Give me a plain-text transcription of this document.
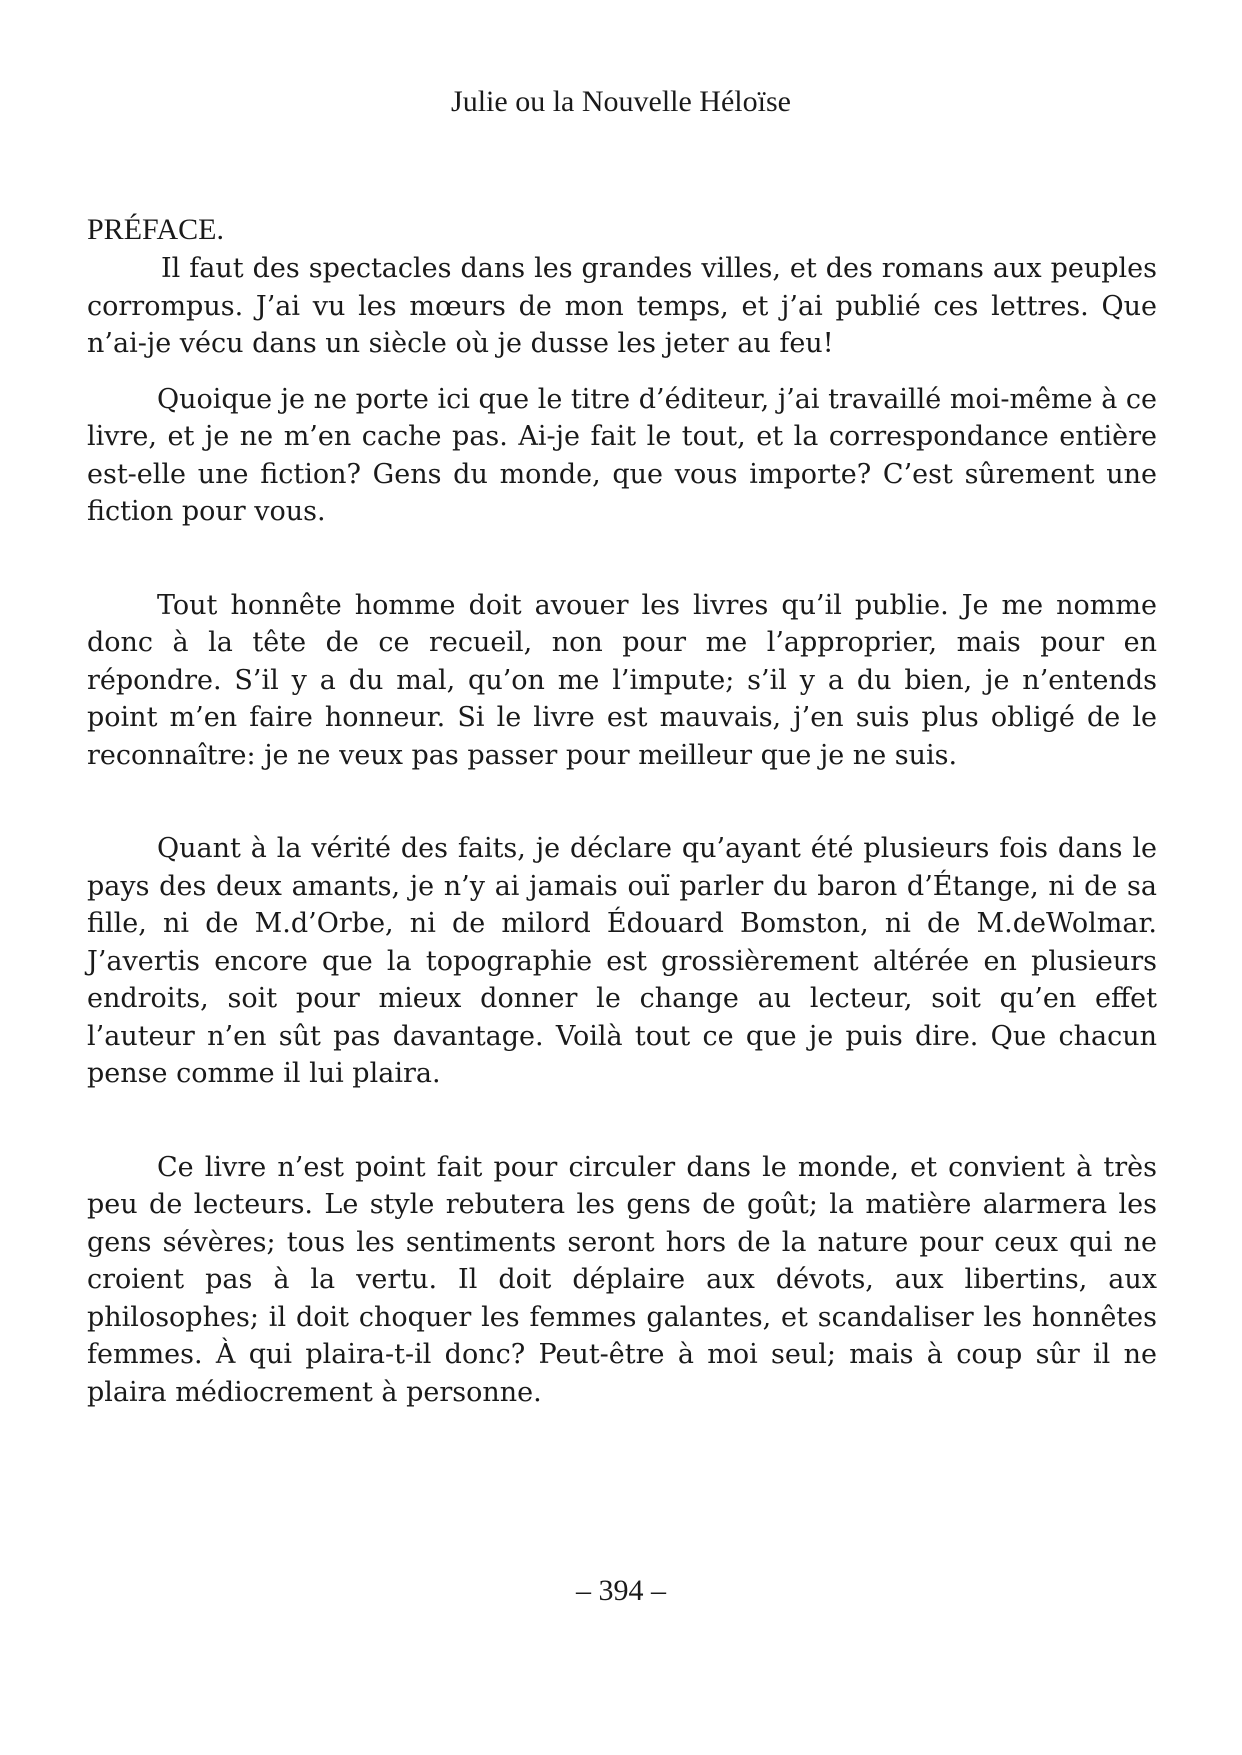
Julie ou la Nouvelle Héloïse
PRÉFACE.

Il faut des spectacles dans les grandes villes, et des romans aux peuples corrompus. J’ai vu les mœurs de mon temps, et j’ai publié ces lettres. Que n’ai-je vécu dans un siècle où je dusse les jeter au feu!

Quoique je ne porte ici que le titre d’éditeur, j’ai travaillé moi-même à ce livre, et je ne m’en cache pas. Ai-je fait le tout, et la correspondance entière est-elle une fiction? Gens du monde, que vous importe? C’est sûrement une fiction pour vous.

Tout honnête homme doit avouer les livres qu’il publie. Je me nomme donc à la tête de ce recueil, non pour me l’approprier, mais pour en répondre. S’il y a du mal, qu’on me l’impute; s’il y a du bien, je n’entends point m’en faire honneur. Si le livre est mauvais, j’en suis plus obligé de le reconnaître: je ne veux pas passer pour meilleur que je ne suis.

Quant à la vérité des faits, je déclare qu’ayant été plusieurs fois dans le pays des deux amants, je n’y ai jamais ouï parler du baron d’Étange, ni de sa fille, ni de M.d’Orbe, ni de milord Édouard Bomston, ni de M.deWolmar. J’avertis encore que la topographie est grossièrement altérée en plusieurs endroits, soit pour mieux donner le change au lecteur, soit qu’en effet l’auteur n’en sût pas davantage. Voilà tout ce que je puis dire. Que chacun pense comme il lui plaira.

Ce livre n’est point fait pour circuler dans le monde, et convient à très peu de lecteurs. Le style rebutera les gens de goût; la matière alarmera les gens sévères; tous les sentiments seront hors de la nature pour ceux qui ne croient pas à la vertu. Il doit déplaire aux dévots, aux libertins, aux philosophes; il doit choquer les femmes galantes, et scandaliser les honnêtes femmes. À qui plaira-t-il donc? Peut-être à moi seul; mais à coup sûr il ne plaira médiocrement à personne.

– 394 –
